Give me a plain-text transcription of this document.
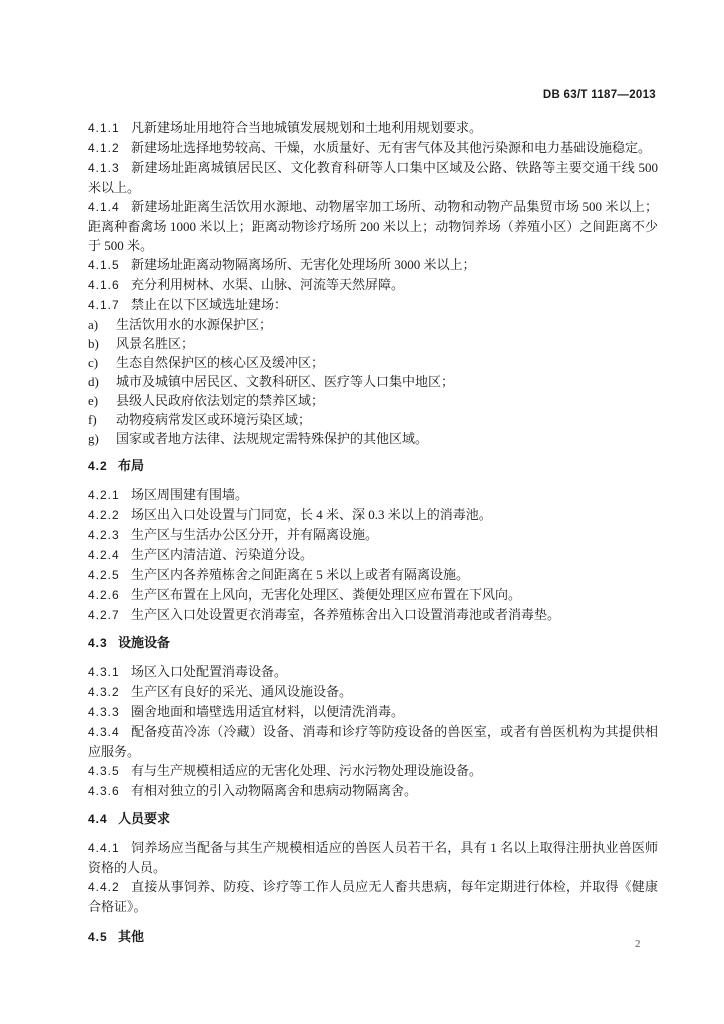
DB 63/T 1187—2013

4.1.1 凡新建场址用地符合当地城镇发展规划和土地利用规划要求。

4.1.2 新建场址选择地势较高、干燥，水质量好、无有害气体及其他污染源和电力基础设施稳定。

4.1.3 新建场址距离城镇居民区、文化教育科研等人口集中区域及公路、铁路等主要交通干线 500 米以上。

4.1.4 新建场址距离生活饮用水源地、动物屠宰加工场所、动物和动物产品集贸市场 500 米以上；距离种畜禽场 1000 米以上；距离动物诊疗场所 200 米以上；动物饲养场（养殖小区）之间距离不少于 500 米。

4.1.5 新建场址距离动物隔离场所、无害化处理场所 3000 米以上；

4.1.6 充分利用树林、水渠、山脉、河流等天然屏障。

4.1.7 禁止在以下区域选址建场：

a) 生活饮用水的水源保护区；

b) 风景名胜区；

c) 生态自然保护区的核心区及缓冲区；

d) 城市及城镇中居民区、文教科研区、医疗等人口集中地区；

e) 县级人民政府依法划定的禁养区域；

f) 动物疫病常发区或环境污染区域；

g) 国家或者地方法律、法规规定需特殊保护的其他区域。

4.2 布局

4.2.1 场区周围建有围墙。

4.2.2 场区出入口处设置与门同宽，长 4 米、深 0.3 米以上的消毒池。

4.2.3 生产区与生活办公区分开，并有隔离设施。

4.2.4 生产区内清洁道、污染道分设。

4.2.5 生产区内各养殖栋舍之间距离在 5 米以上或者有隔离设施。

4.2.6 生产区布置在上风向，无害化处理区、粪便处理区应布置在下风向。

4.2.7 生产区入口处设置更衣消毒室，各养殖栋舍出入口设置消毒池或者消毒垫。

4.3 设施设备

4.3.1 场区入口处配置消毒设备。

4.3.2 生产区有良好的采光、通风设施设备。

4.3.3 圈舍地面和墙壁选用适宜材料，以便清洗消毒。

4.3.4 配备疫苗冷冻（冷藏）设备、消毒和诊疗等防疫设备的兽医室，或者有兽医机构为其提供相应服务。

4.3.5 有与生产规模相适应的无害化处理、污水污物处理设施设备。

4.3.6 有相对独立的引入动物隔离舍和患病动物隔离舍。

4.4 人员要求

4.4.1 饲养场应当配备与其生产规模相适应的兽医人员若干名，具有 1 名以上取得注册执业兽医师资格的人员。

4.4.2 直接从事饲养、防疫、诊疗等工作人员应无人畜共患病，每年定期进行体检，并取得《健康合格证》。

4.5 其他	2
